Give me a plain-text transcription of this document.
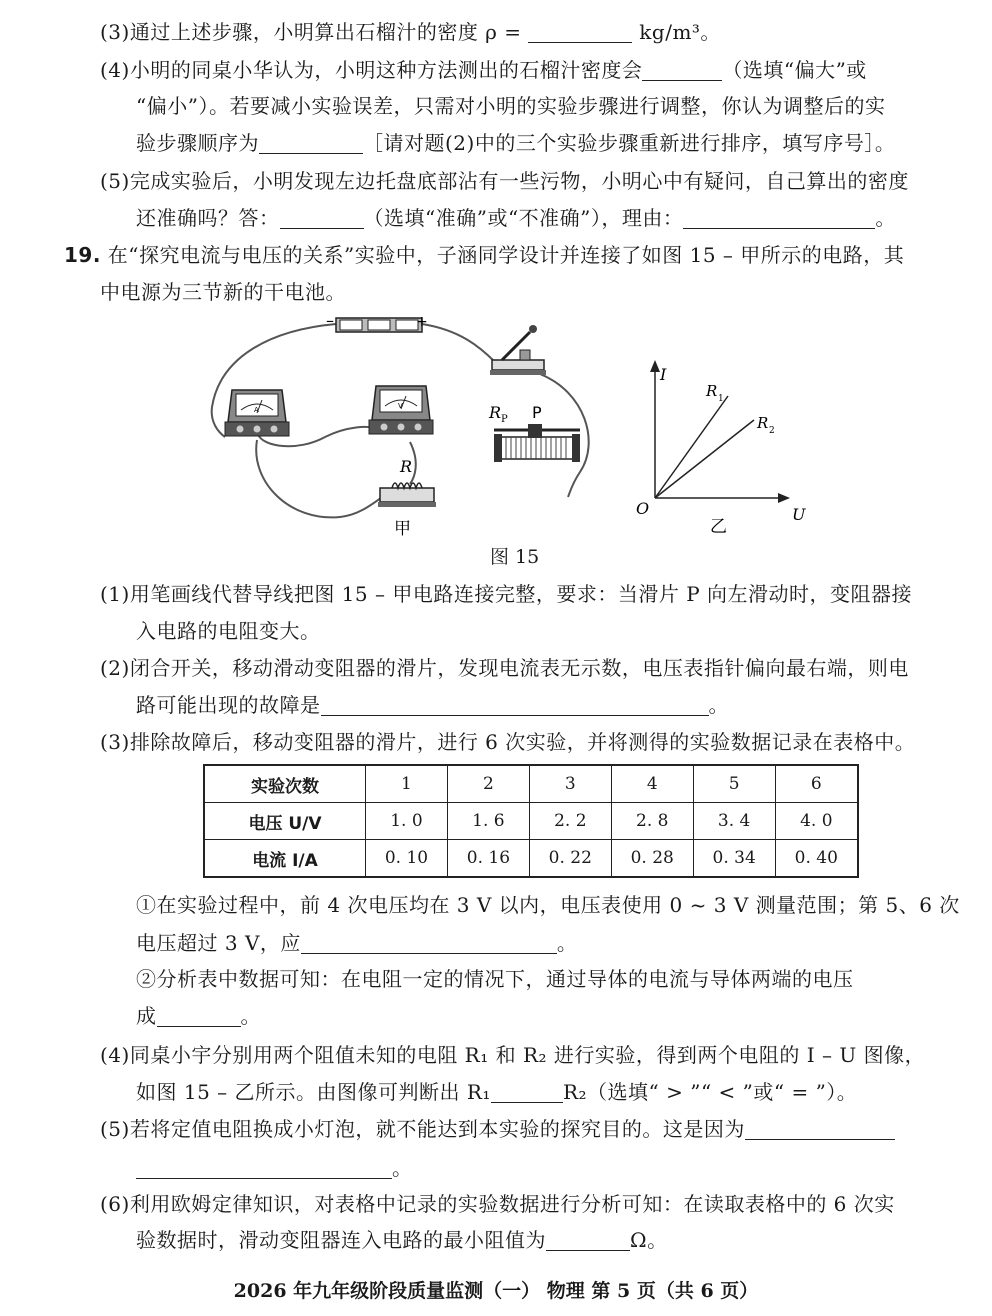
(3)通过上述步骤，小明算出石榴汁的密度 ρ =	kg/m³。
(4)小明的同桌小华认为，小明这种方法测出的石榴汁密度会	（选填“偏大”或
“偏小”）。若要减小实验误差，只需对小明的实验步骤进行调整，你认为调整后的实
验步骤顺序为	［请对题(2)中的三个实验步骤重新进行排序，填写序号］。
(5)完成实验后，小明发现左边托盘底部沾有一些污物，小明心中有疑问，自己算出的密度
还准确吗？答：	（选填“准确”或“不准确”），理由：	。
19. 在“探究电流与电压的关系”实验中，子涵同学设计并连接了如图 15 – 甲所示的电路，其
中电源为三节新的干电池。
–	+
A	V
R
甲
R P P
I
U
O
R 1
R 2
乙
图 15
(1)用笔画线代替导线把图 15 – 甲电路连接完整，要求：当滑片 P 向左滑动时，变阻器接
入电路的电阻变大。
(2)闭合开关，移动滑动变阻器的滑片，发现电流表无示数，电压表指针偏向最右端，则电
路可能出现的故障是	。
(3)排除故障后，移动变阻器的滑片，进行 6 次实验，并将测得的实验数据记录在表格中。
实验次数	1	2	3	4	5	6
电压 U/V	1. 0	1. 6	2. 2	2. 8	3. 4	4. 0
电流 I/A	0. 10	0. 16	0. 22	0. 28	0. 34	0. 40
①在实验过程中，前 4 次电压均在 3 V 以内，电压表使用 0 ~ 3 V 测量范围；第 5、6 次
电压超过 3 V，应	。
②分析表中数据可知：在电阻一定的情况下，通过导体的电流与导体两端的电压
成	。
(4)同桌小宇分别用两个阻值未知的电阻 R₁ 和 R₂ 进行实验，得到两个电阻的 I – U 图像，
如图 15 – 乙所示。由图像可判断出 R₁	R₂（选填“ > ”“ < ”或“ = ”）。
(5)若将定值电阻换成小灯泡，就不能达到本实验的探究目的。这是因为
。
(6)利用欧姆定律知识，对表格中记录的实验数据进行分析可知：在读取表格中的 6 次实
验数据时，滑动变阻器连入电路的最小阻值为	Ω。
2026 年九年级阶段质量监测（一） 物理 第 5 页（共 6 页）
